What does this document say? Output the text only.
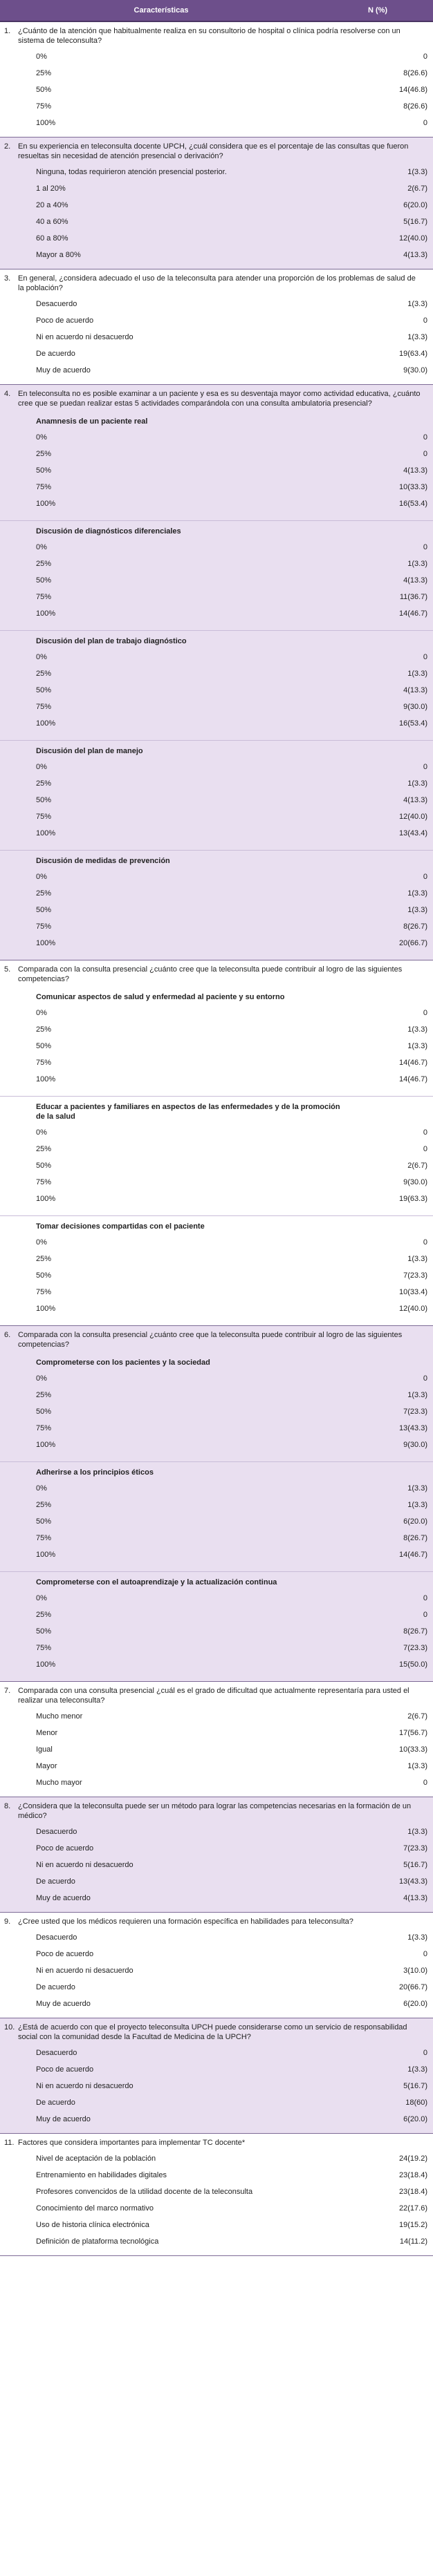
Características	N (%)
1. ¿Cuánto de la atención que habitualmente realiza en su consultorio de hospital o clínica podría resolverse con un sistema de teleconsulta?
0%	0
25%	8(26.6)
50%	14(46.8)
75%	8(26.6)
100%	0
2. En su experiencia en teleconsulta docente UPCH, ¿cuál considera que es el porcentaje de las consultas que fueron resueltas sin necesidad de atención presencial o derivación?
Ninguna, todas requirieron atención presencial posterior.	1(3.3)
1 al 20%	2(6.7)
20 a 40%	6(20.0)
40 a 60%	5(16.7)
60 a 80%	12(40.0)
Mayor a 80%	4(13.3)
3. En general, ¿considera adecuado el uso de la teleconsulta para atender una proporción de los problemas de salud de la población?
Desacuerdo	1(3.3)
Poco de acuerdo	0
Ni en acuerdo ni desacuerdo	1(3.3)
De acuerdo	19(63.4)
Muy de acuerdo	9(30.0)
4. En teleconsulta no es posible examinar a un paciente y esa es su desventaja mayor como actividad educativa, ¿cuánto cree que se puedan realizar estas 5 actividades comparándola con una consulta ambulatoria presencial?
Anamnesis de un paciente real
0%	0
25%	0
50%	4(13.3)
75%	10(33.3)
100%	16(53.4)
Discusión de diagnósticos diferenciales
0%	0
25%	1(3.3)
50%	4(13.3)
75%	11(36.7)
100%	14(46.7)
Discusión del plan de trabajo diagnóstico
0%	0
25%	1(3.3)
50%	4(13.3)
75%	9(30.0)
100%	16(53.4)
Discusión del plan de manejo
0%	0
25%	1(3.3)
50%	4(13.3)
75%	12(40.0)
100%	13(43.4)
Discusión de medidas de prevención
0%	0
25%	1(3.3)
50%	1(3.3)
75%	8(26.7)
100%	20(66.7)
5. Comparada con la consulta presencial ¿cuánto cree que la teleconsulta puede contribuir al logro de las siguientes competencias?
Comunicar aspectos de salud y enfermedad al paciente y su entorno
0%	0
25%	1(3.3)
50%	1(3.3)
75%	14(46.7)
100%	14(46.7)
Educar a pacientes y familiares en aspectos de las enfermedades y de la promoción de la salud
0%	0
25%	0
50%	2(6.7)
75%	9(30.0)
100%	19(63.3)
Tomar decisiones compartidas con el paciente
0%	0
25%	1(3.3)
50%	7(23.3)
75%	10(33.4)
100%	12(40.0)
6. Comparada con la consulta presencial ¿cuánto cree que la teleconsulta puede contribuir al logro de las siguientes competencias?
Comprometerse con los pacientes y la sociedad
0%	0
25%	1(3.3)
50%	7(23.3)
75%	13(43.3)
100%	9(30.0)
Adherirse a los principios éticos
0%	1(3.3)
25%	1(3.3)
50%	6(20.0)
75%	8(26.7)
100%	14(46.7)
Comprometerse con el autoaprendizaje y la actualización continua
0%	0
25%	0
50%	8(26.7)
75%	7(23.3)
100%	15(50.0)
7. Comparada con una consulta presencial ¿cuál es el grado de dificultad que actualmente representaría para usted el realizar una teleconsulta?
Mucho menor	2(6.7)
Menor	17(56.7)
Igual	10(33.3)
Mayor	1(3.3)
Mucho mayor	0
8. ¿Considera que la teleconsulta puede ser un método para lograr las competencias necesarias en la formación de un médico?
Desacuerdo	1(3.3)
Poco de acuerdo	7(23.3)
Ni en acuerdo ni desacuerdo	5(16.7)
De acuerdo	13(43.3)
Muy de acuerdo	4(13.3)
9. ¿Cree usted que los médicos requieren una formación específica en habilidades para teleconsulta?
Desacuerdo	1(3.3)
Poco de acuerdo	0
Ni en acuerdo ni desacuerdo	3(10.0)
De acuerdo	20(66.7)
Muy de acuerdo	6(20.0)
10. ¿Está de acuerdo con que el proyecto teleconsulta UPCH puede considerarse como un servicio de responsabilidad social con la comunidad desde la Facultad de Medicina de la UPCH?
Desacuerdo	0
Poco de acuerdo	1(3.3)
Ni en acuerdo ni desacuerdo	5(16.7)
De acuerdo	18(60)
Muy de acuerdo	6(20.0)
11. Factores que considera importantes para implementar TC docente*
Nivel de aceptación de la población	24(19.2)
Entrenamiento en habilidades digitales	23(18.4)
Profesores convencidos de la utilidad docente de la teleconsulta	23(18.4)
Conocimiento del marco normativo	22(17.6)
Uso de historia clínica electrónica	19(15.2)
Definición de plataforma tecnológica	14(11.2)
